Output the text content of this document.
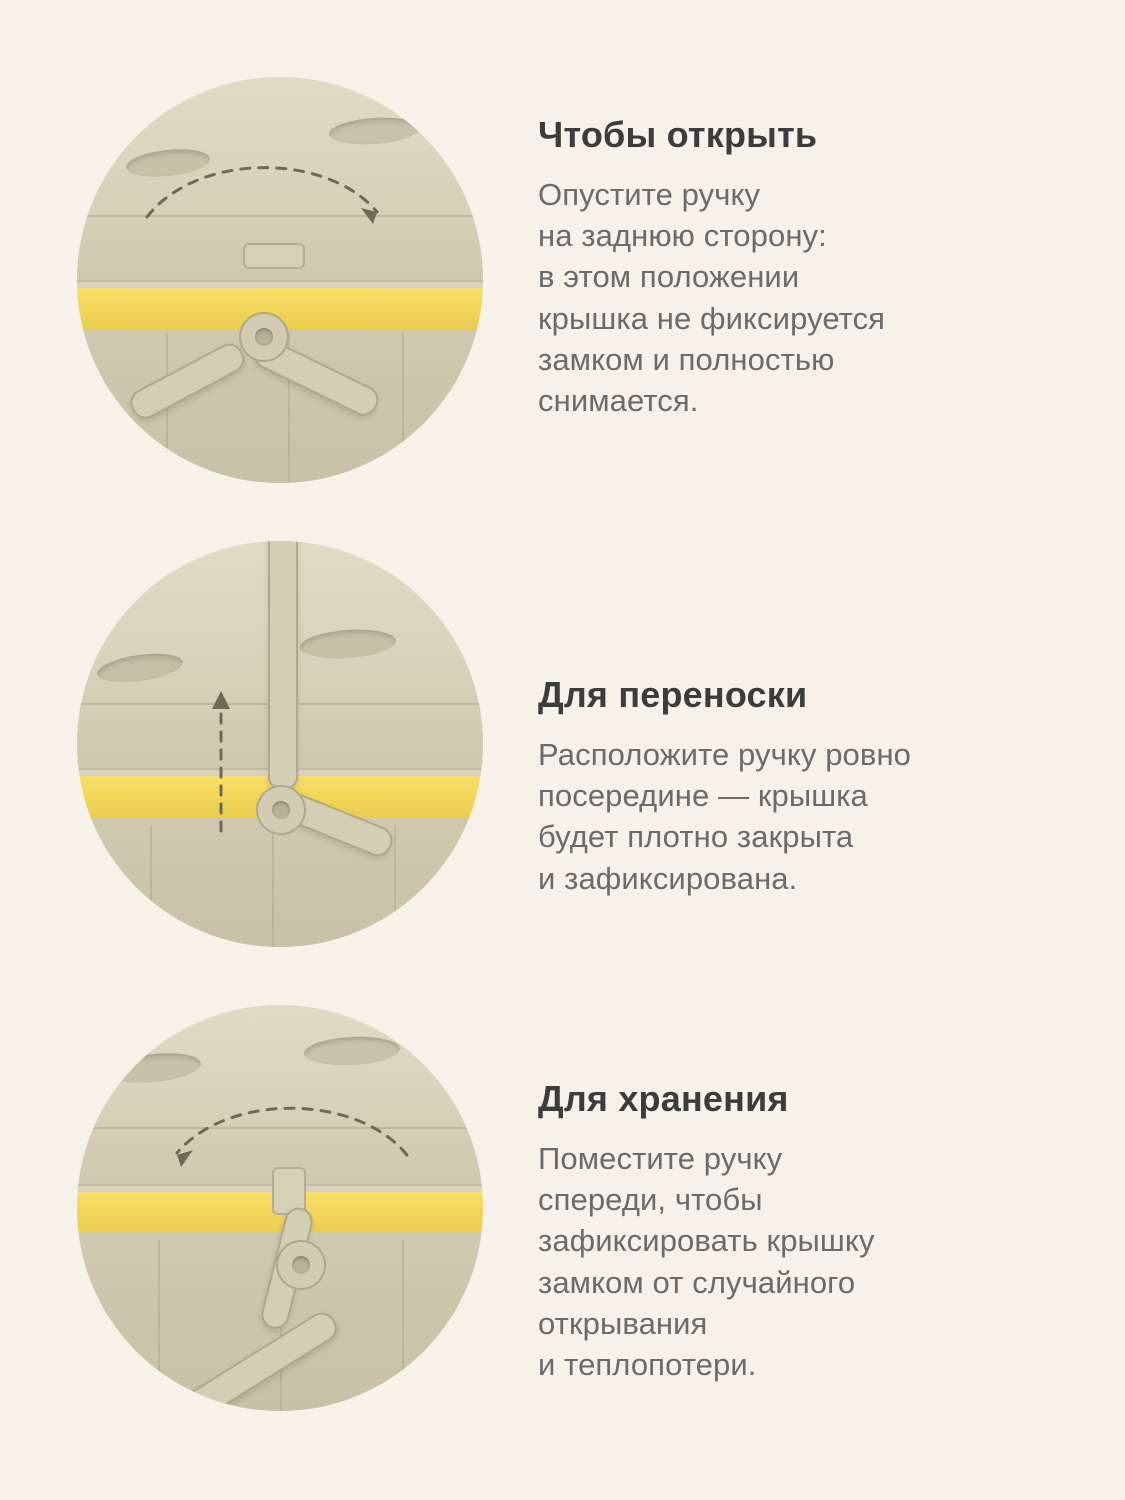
Чтобы открыть

Опустите ручку
на заднюю сторону:
в этом положении
крышка не фиксируется
замком и полностью
снимается.

Для переноски

Расположите ручку ровно
посередине — крышка
будет плотно закрыта
и зафиксирована.

Для хранения

Поместите ручку
спереди, чтобы
зафиксировать крышку
замком от случайного
открывания
и теплопотери.
